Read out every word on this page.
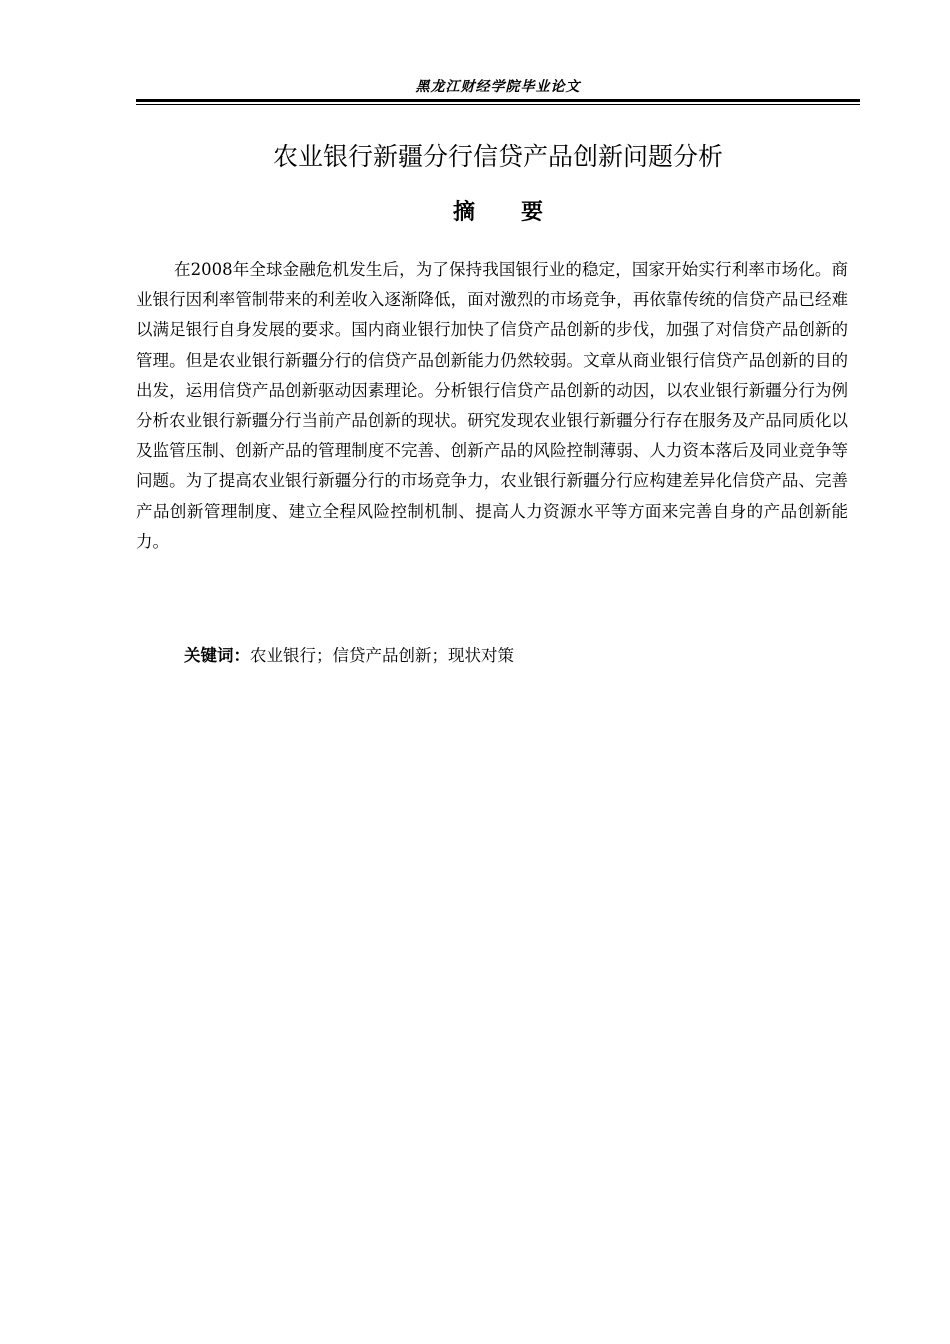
黑龙江财经学院毕业论文
农业银行新疆分行信贷产品创新问题分析
摘要

在2008年全球金融危机发生后，为了保持我国银行业的稳定，国家开始实行利率市场化。商业银行因利率管制带来的利差收入逐渐降低，面对激烈的市场竞争，再依靠传统的信贷产品已经难以满足银行自身发展的要求。国内商业银行加快了信贷产品创新的步伐，加强了对信贷产品创新的管理。但是农业银行新疆分行的信贷产品创新能力仍然较弱。文章从商业银行信贷产品创新的目的出发，运用信贷产品创新驱动因素理论。分析银行信贷产品创新的动因，以农业银行新疆分行为例分析农业银行新疆分行当前产品创新的现状。研究发现农业银行新疆分行存在服务及产品同质化以及监管压制、创新产品的管理制度不完善、创新产品的风险控制薄弱、人力资本落后及同业竞争等问题。为了提高农业银行新疆分行的市场竞争力，农业银行新疆分行应构建差异化信贷产品、完善产品创新管理制度、建立全程风险控制机制、提高人力资源水平等方面来完善自身的产品创新能力。

关键词：农业银行；信贷产品创新；现状对策
